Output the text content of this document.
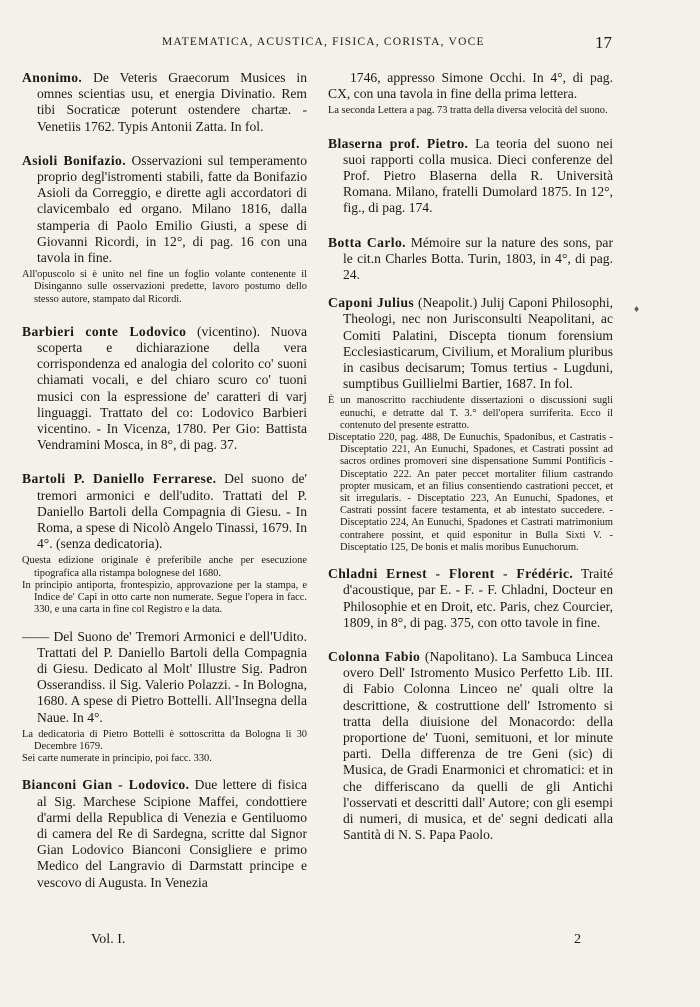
MATEMATICA, ACUSTICA, FISICA, CORISTA, VOCE	17

Anonimo. De Veteris Graecorum Musices in omnes scientias usu, et energia Divinatio. Rem tibi Socraticæ poterunt ostendere chartæ. - Venetiis 1762. Typis Antonii Zatta. In fol.

Asioli Bonifazio. Osservazioni sul temperamento proprio degl'istromenti stabili, fatte da Bonifazio Asioli da Correggio, e dirette agli accordatori di clavicembalo ed organo. Milano 1816, dalla stamperia di Paolo Emilio Giusti, a spese di Giovanni Ricordi, in 12°, di pag. 16 con una tavola in fine.

All'opuscolo si è unito nel fine un foglio volante contenente il Disinganno sulle osservazioni predette, lavoro postumo dello stesso autore, stampato dal Ricordi.

Barbieri conte Lodovico (vicentino). Nuova scoperta e dichiarazione della vera corrispondenza ed analogia del colorito co' suoni chiamati vocali, e del chiaro scuro co' tuoni musici con la espressione de' caratteri di varj linguaggi. Trattato del co: Lodovico Barbieri vicentino. - In Vicenza, 1780. Per Gio: Battista Vendramini Mosca, in 8°, di pag. 37.

Bartoli P. Daniello Ferrarese. Del suono de' tremori armonici e dell'udito. Trattati del P. Daniello Bartoli della Compagnia di Giesu. - In Roma, a spese di Nicolò Angelo Tinassi, 1679. In 4°. (senza dedicatoria).

Questa edizione originale è preferibile anche per esecuzione tipografica alla ristampa bolognese del 1680.

In principio antiporta, frontespizio, approvazione per la stampa, e Indice de' Capi in otto carte non numerate. Segue l'opera in facc. 330, e una carta in fine col Registro e la data.

—— Del Suono de' Tremori Armonici e dell'Udito. Trattati del P. Daniello Bartoli della Compagnia di Giesu. Dedicato al Molt' Illustre Sig. Padron Osserandiss. il Sig. Valerio Polazzi. - In Bologna, 1680. A spese di Pietro Bottelli. All'Insegna della Naue. In 4°.

La dedicatoria di Pietro Bottelli è sottoscritta da Bologna li 30 Decembre 1679.

Sei carte numerate in principio, poi facc. 330.

Bianconi Gian - Lodovico. Due lettere di fisica al Sig. Marchese Scipione Maffei, condottiere d'armi della Republica di Venezia e Gentiluomo di camera del Re di Sardegna, scritte dal Signor Gian Lodovico Bianconi Consigliere e primo Medico del Langravio di Darmstatt principe e vescovo di Augusta. In Venezia

1746, appresso Simone Occhi. In 4°, di pag. CX, con una tavola in fine della prima lettera.

La seconda Lettera a pag. 73 tratta della diversa velocità del suono.

Blaserna prof. Pietro. La teoria del suono nei suoi rapporti colla musica. Dieci conferenze del Prof. Pietro Blaserna della R. Università Romana. Milano, fratelli Dumolard 1875. In 12°, fig., di pag. 174.

Botta Carlo. Mémoire sur la nature des sons, par le cit.n Charles Botta. Turin, 1803, in 4°, di pag. 24.

Caponi Julius (Neapolit.) Julij Caponi Philosophi, Theologi, nec non Jurisconsulti Neapolitani, ac Comiti Palatini, Discepta tionum forensium Ecclesiasticarum, Civilium, et Moralium pluribus in casibus decisarum; Tomus tertius - Lugduni, sumptibus Guillielmi Bartier, 1687. In fol.

È un manoscritto racchiudente dissertazioni o discussioni sugli eunuchi, e detratte dal T. 3.° dell'opera surriferita. Ecco il contenuto del presente estratto.

Disceptatio 220, pag. 488, De Eunuchis, Spadonibus, et Castratis - Disceptatio 221, An Eunuchi, Spadones, et Castrati possint ad sacros ordines promoveri sine dispensatione Summi Pontificis - Disceptatio 222. An pater peccet mortaliter filium castrando propter musicam, et an filius consentiendo castrationi peccet, et sit irregularis. - Disceptatio 223, An Eunuchi, Spadones, et Castrati possint facere testamenta, et ab intestato succedere. - Disceptatio 224, An Eunuchi, Spadones et Castrati matrimonium contrahere possint, et quid esponitur in Bulla Sixti V. - Disceptatio 125, De bonis et malis moribus Eunuchorum.

Chladni Ernest - Florent - Frédéric. Traité d'acoustique, par E. - F. - F. Chladni, Docteur en Philosophie et en Droit, etc. Paris, chez Courcier, 1809, in 8°, di pag. 375, con otto tavole in fine.

Colonna Fabio (Napolitano). La Sambuca Lincea overo Dell' Istromento Musico Perfetto Lib. III. di Fabio Colonna Linceo ne' quali oltre la descrittione, & costruttione dell' Istromento si tratta della diuisione del Monacordo: della proportione de' Tuoni, semituoni, et lor minute parti. Della differenza de tre Geni (sic) di Musica, de Gradi Enarmonici et chromatici: et in che differiscano da quelli de gli Antichi l'osservati et descritti dall' Autore; con gli esempi di numeri, di musica, et de' segni dedicati alla Santità di N. S. Papa Paolo.

♦
Vol. I.	2
